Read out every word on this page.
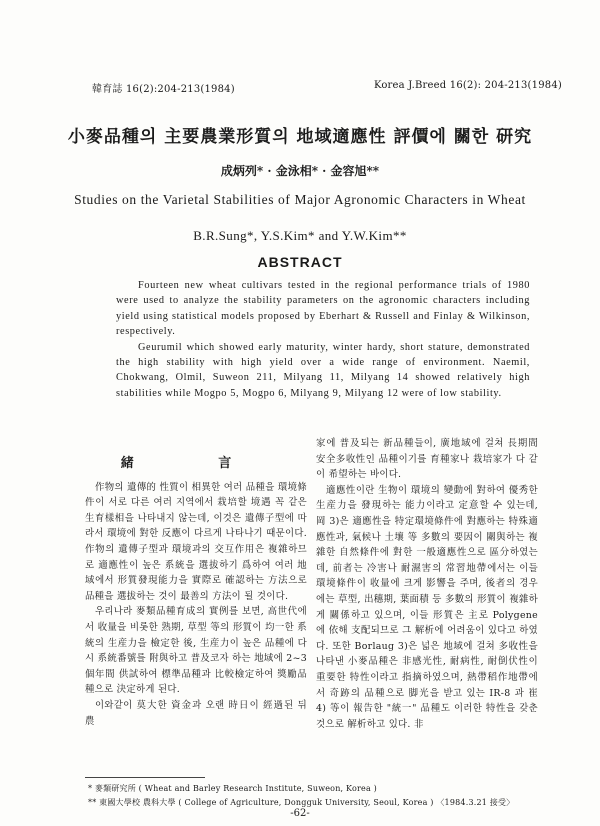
韓育誌 16(2):204-213(1984)	Korea J.Breed 16(2): 204-213(1984)
小麥品種의 主要農業形質의 地域適應性 評價에 關한 研究
成炳列* · 金泳相* · 金容旭**
Studies on the Varietal Stabilities of Major Agronomic Characters in Wheat
B.R.Sung*, Y.S.Kim* and Y.W.Kim**
ABSTRACT

Fourteen new wheat cultivars tested in the regional performance trials of 1980 were used to analyze the stability parameters on the agronomic characters including yield using statistical models proposed by Eberhart & Russell and Finlay & Wilkinson, respectively.

Geurumil which showed early maturity, winter hardy, short stature, demonstrated the high stability with high yield over a wide range of environment. Naemil, Chokwang, Olmil, Suweon 211, Milyang 11, Milyang 14 showed relatively high stabilities while Mogpo 5, Mogpo 6, Milyang 9, Milyang 12 were of low stability.

緒 言

作物의 遺傳的 性質이 相異한 여러 品種을 環境條件이 서로 다른 여러 지역에서 栽培할 境遇 꼭 같은 生育樣相을 나타내지 않는데, 이것은 遺傳子型에 따라서 環境에 對한 反應이 다르게 나타나기 때문이다. 作物의 遺傳子型과 環境과의 交互作用은 複雜하므로 適應性이 높은 系統을 選拔하기 爲하여 여러 地域에서 形質發現能力을 實際로 確認하는 方法으로 品種을 選拔하는 것이 最善의 方法이 될 것이다.

우리나라 麥類品種育成의 實例를 보면, 高世代에서 收量을 비롯한 熟期, 草型 等의 形質이 均一한 系統의 生産力을 檢定한 後, 生産力이 높은 品種에 다시 系統番號를 附與하고 普及코자 하는 地域에 2~3個年間 供試하여 標準品種과 比較檢定하여 獎勵品種으로 決定하게 된다.

이와같이 莫大한 資金과 오랜 時日이 經過된 뒤 農

家에 普及되는 新品種들이, 廣地域에 걸쳐 長期間 安全多收性인 品種이기를 育種家나 栽培家가 다 같이 希望하는 바이다.

適應性이란 生物이 環境의 變動에 對하여 優秀한 生産力을 發現하는 能力이라고 定意할 수 있는데, 岡 3)은 適應性을 特定環境條件에 對應하는 特殊適應性과, 氣候나 土壤 等 多數의 要因이 關與하는 複雜한 自然條件에 對한 一般適應性으로 區分하였는데, 前者는 冷害나 耐濕害의 常習地帶에서는 이들 環境條件이 收量에 크게 影響을 주며, 後者의 경우에는 草型, 出穗期, 葉面積 등 多數의 形質이 複雜하게 關係하고 있으며, 이들 形質은 主로 Polygene 에 依해 支配되므로 그 解析에 어려움이 있다고 하였다. 또한 Borlaug 3)은 넓은 地域에 걸쳐 多收性을 나타낸 小麥品種은 非感光性, 耐病性, 耐倒伏性이 重要한 特性이라고 指摘하였으며, 熱帶稻作地帶에서 奇跡의 品種으로 脚光을 받고 있는 IR-8 과 崔 4) 等이 報告한 "統一" 品種도 이러한 特性을 갖춘 것으로 解析하고 있다. 非

* 麥類研究所 ( Wheat and Barley Research Institute, Suweon, Korea )
** 東國大學校 農科大學 ( College of Agriculture, Dongguk University, Seoul, Korea ) 〈1984.3.21 接受〉
-62-
